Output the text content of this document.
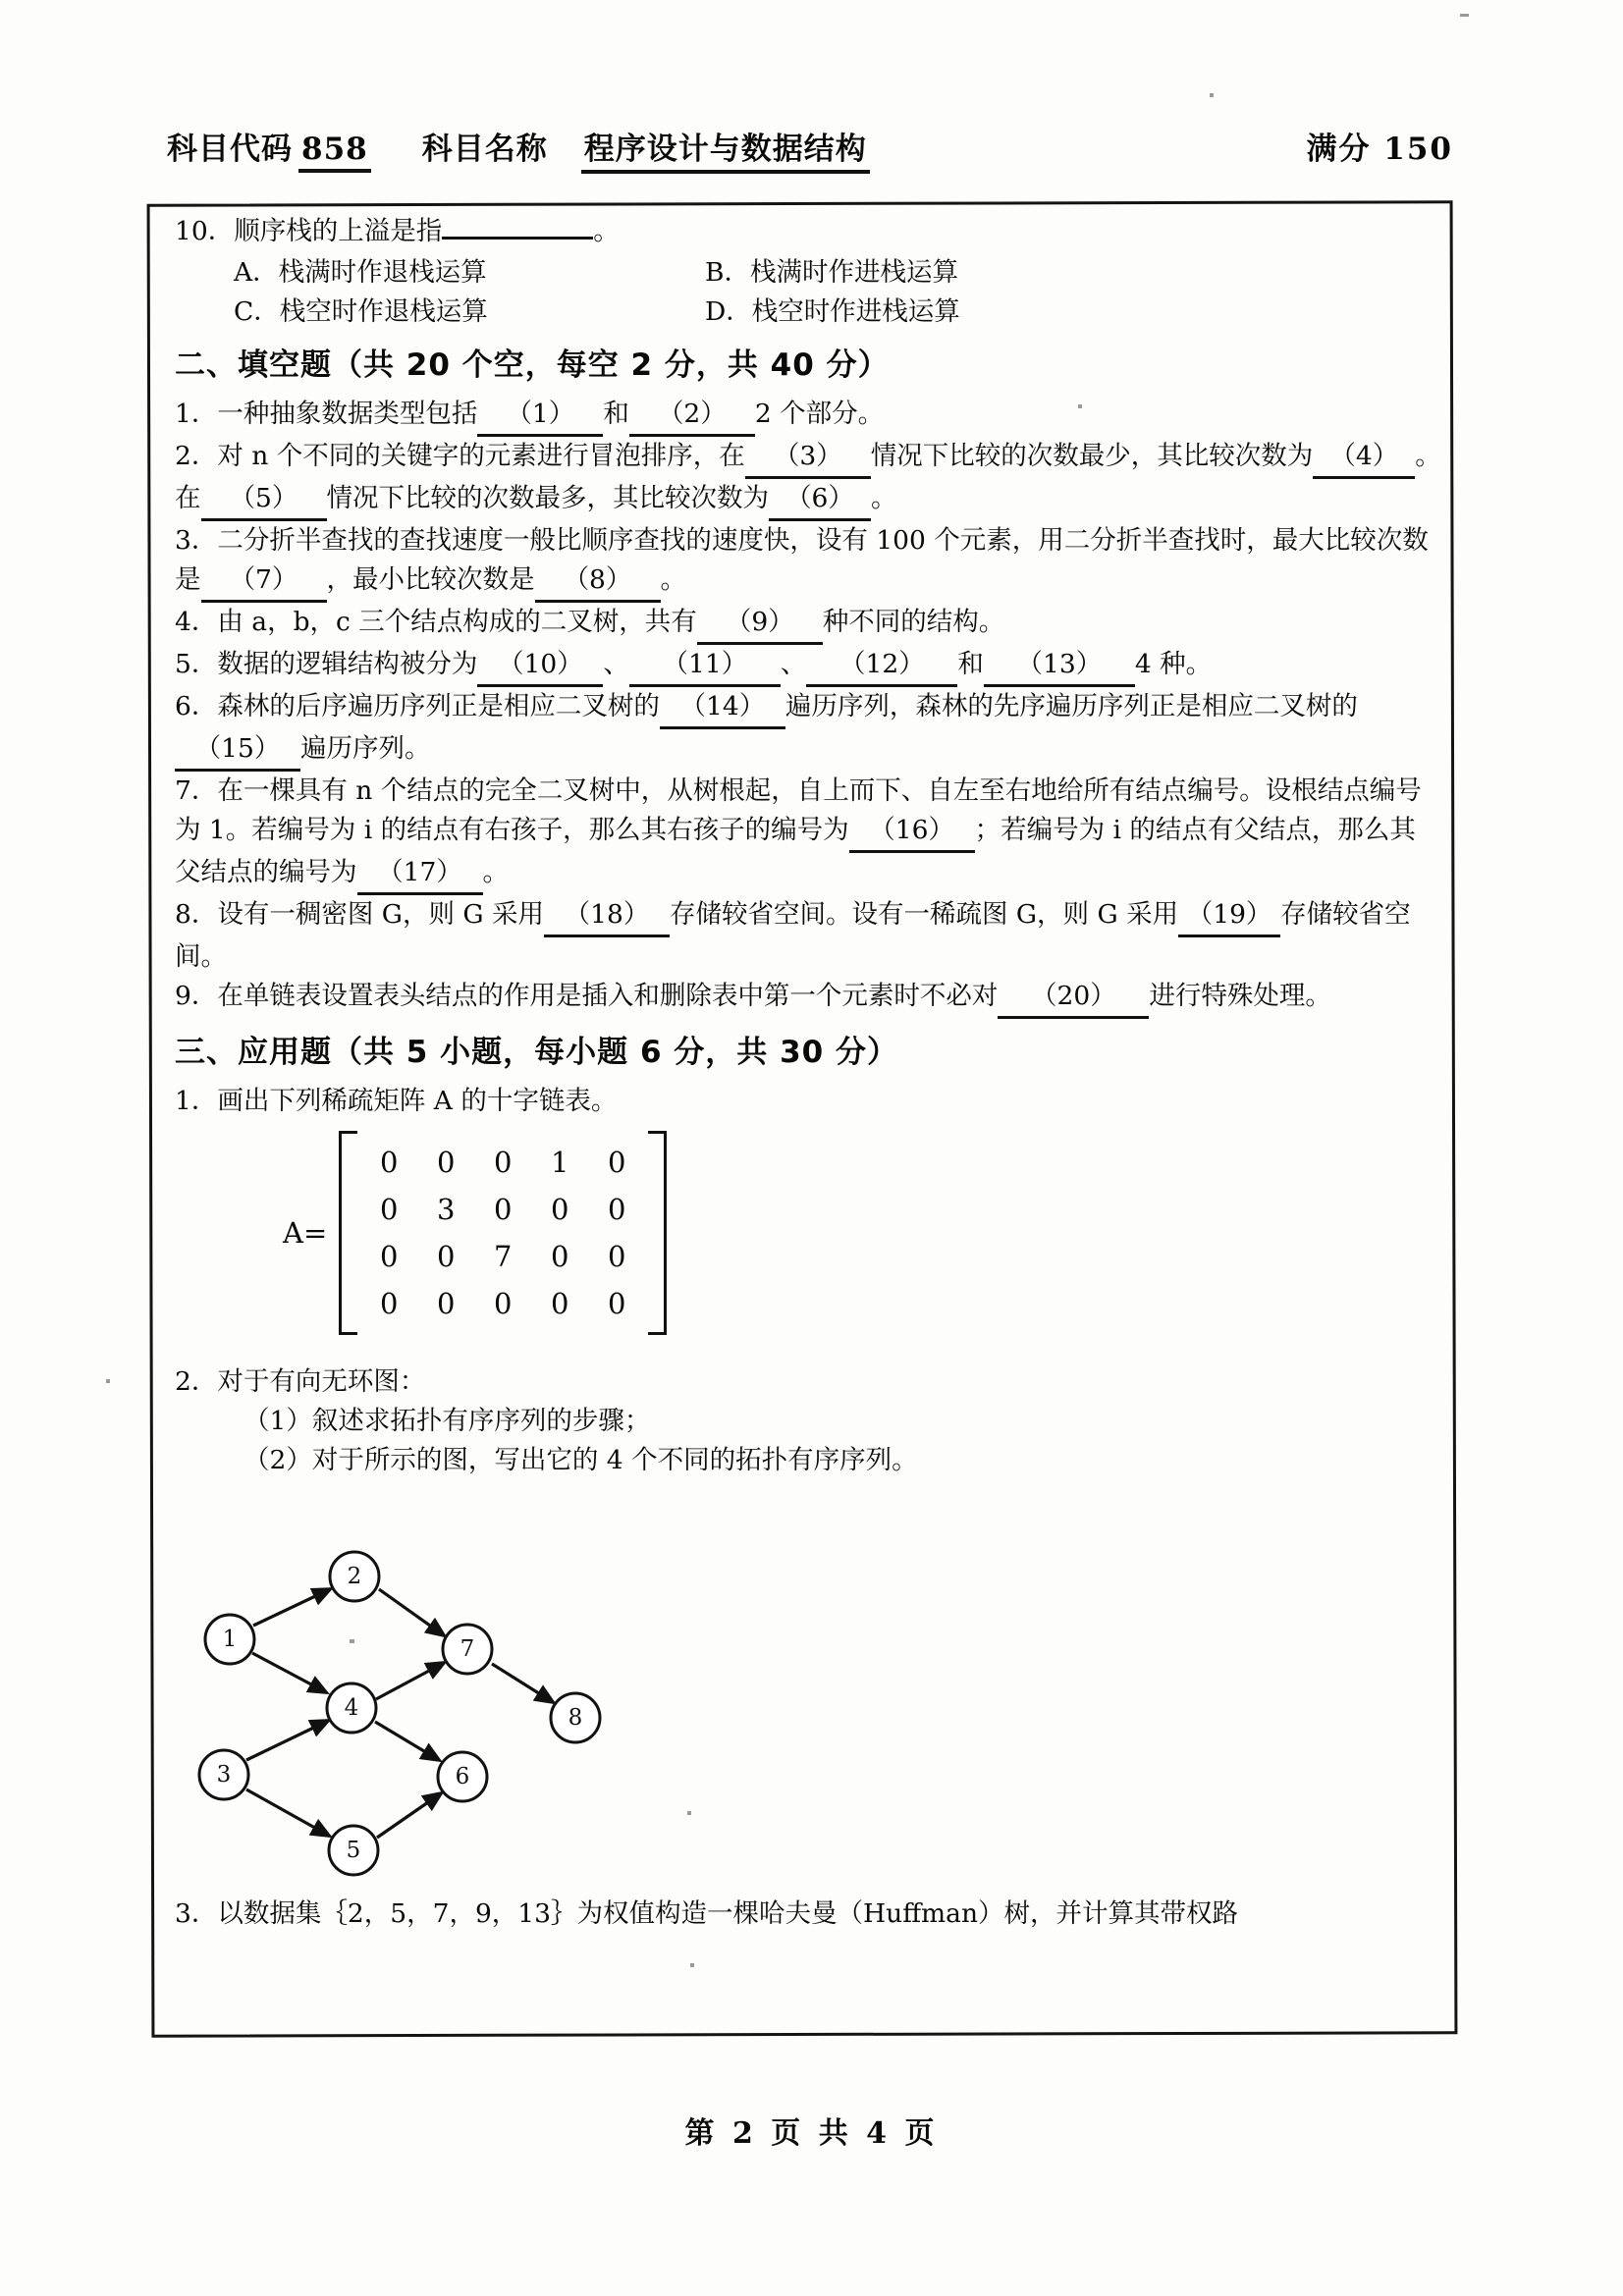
科目代码 858 科目名称 程序设计与数据结构	满分 150
10．顺序栈的上溢是指	。
A．栈满时作退栈运算	B．栈满时作进栈运算
C．栈空时作退栈运算	D．栈空时作进栈运算
二、填空题（共 20 个空，每空 2 分，共 40 分）
1．一种抽象数据类型包括 （1） 和 （2） 2 个部分。
2．对 n 个不同的关键字的元素进行冒泡排序，在 （3） 情况下比较的次数最少，其比较次数为 （4） 。在 （5） 情况下比较的次数最多，其比较次数为 （6） 。
3．二分折半查找的查找速度一般比顺序查找的速度快，设有 100 个元素，用二分折半查找时，最大比较次数是 （7） ，最小比较次数是 （8） 。
4．由 a，b，c 三个结点构成的二叉树，共有 （9） 种不同的结构。
5．数据的逻辑结构被分为 （10） 、 （11） 、 （12） 和 （13） 4 种。
6．森林的后序遍历序列正是相应二叉树的 （14） 遍历序列，森林的先序遍历序列正是相应二叉树的（15） 遍历序列。
7．在一棵具有 n 个结点的完全二叉树中，从树根起，自上而下、自左至右地给所有结点编号。设根结点编号为 1。若编号为 i 的结点有右孩子，那么其右孩子的编号为 （16） ；若编号为 i 的结点有父结点，那么其父结点的编号为 （17） 。
8．设有一稠密图 G，则 G 采用 （18） 存储较省空间。设有一稀疏图 G，则 G 采用 （19） 存储较省空间。
9．在单链表设置表头结点的作用是插入和删除表中第一个元素时不必对 （20） 进行特殊处理。
三、应用题（共 5 小题，每小题 6 分，共 30 分）
1．画出下列稀疏矩阵 A 的十字链表。
A=
0	0	0	1	0
0	3	0	0	0
0	0	7	0	0
0	0	0	0	0
2．对于有向无环图：
（1）叙述求拓扑有序序列的步骤；
（2）对于所示的图，写出它的 4 个不同的拓扑有序序列。
1
2
3
4
5
6
7
8
3．以数据集｛2，5，7，9，13｝为权值构造一棵哈夫曼（Huffman）树，并计算其带权路
第 2 页 共 4 页
